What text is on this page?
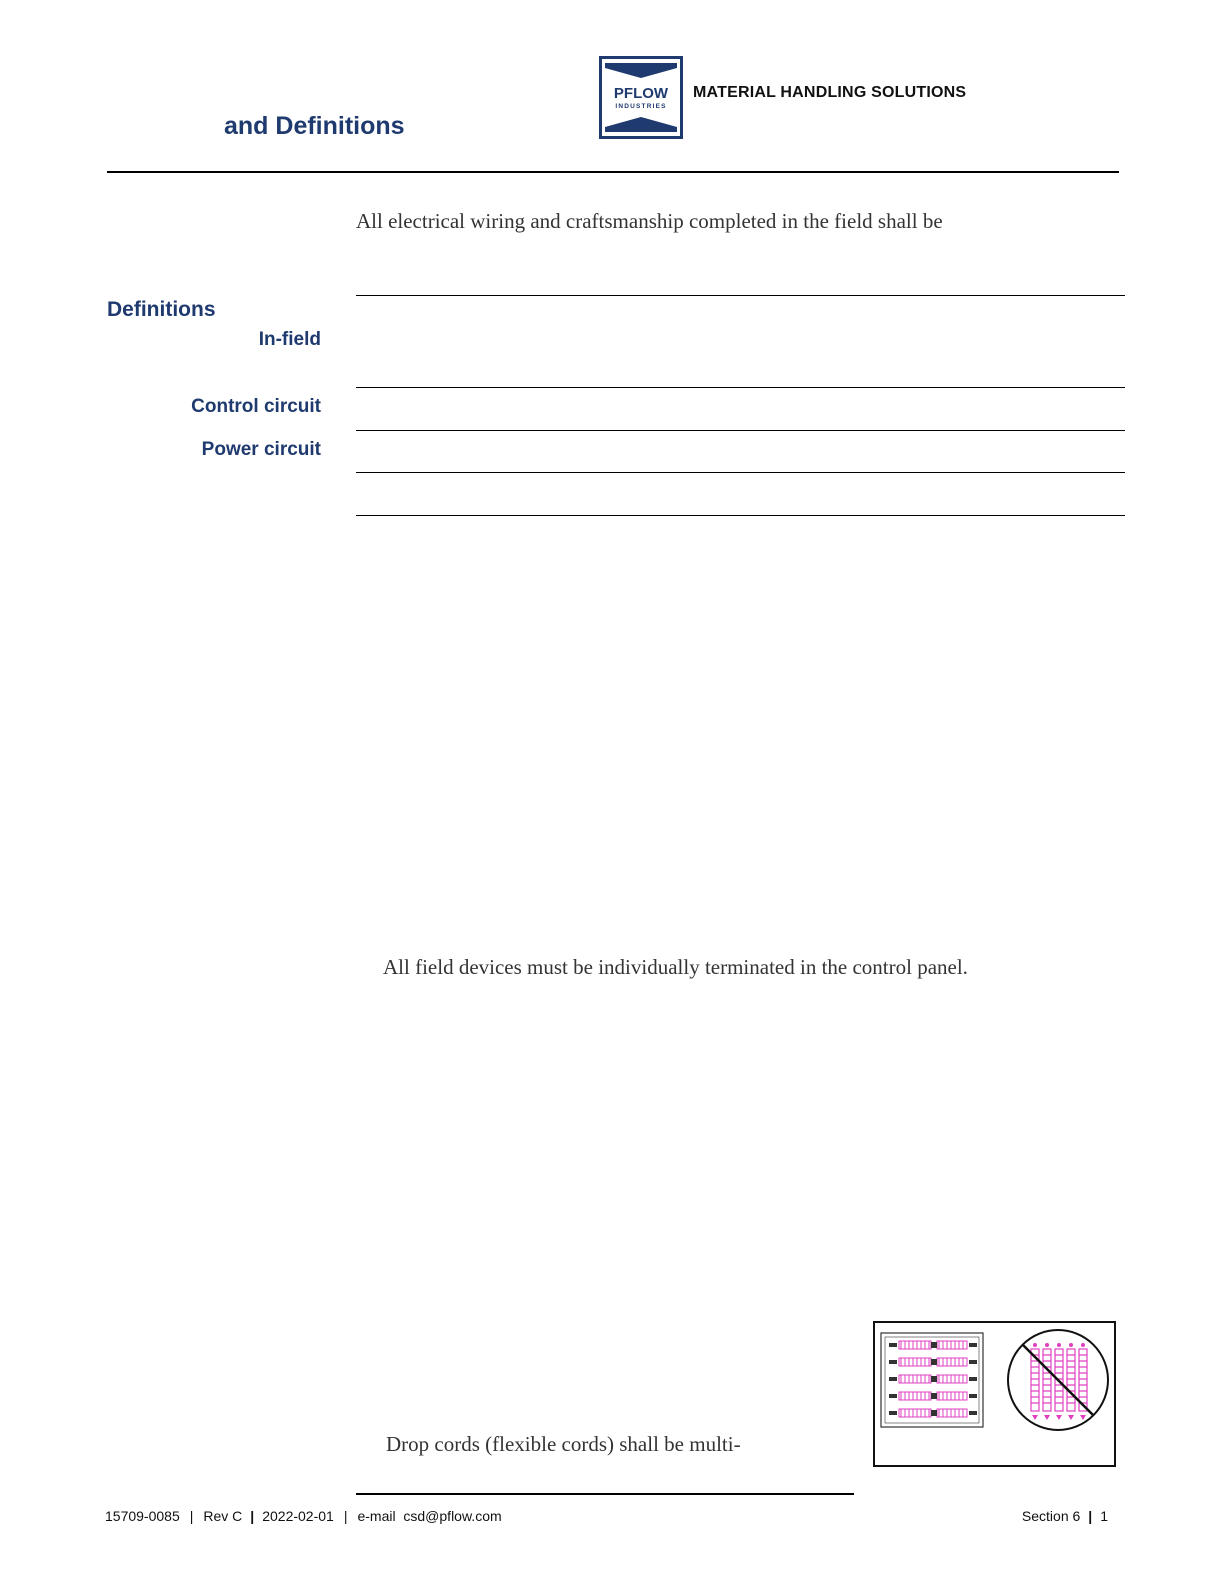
and Definitions
PFLOW
INDUSTRIES
MATERIAL HANDLING SOLUTIONS
All electrical wiring and craftsmanship completed in the field shall be
Definitions
In-field
Control circuit
Power circuit
All field devices must be individually terminated in the control panel.
Drop cords (flexible cords) shall be multi-
15709-0085 | Rev C | 2022-02-01 | e-mail csd@pflow.com	Section 6 | 1
